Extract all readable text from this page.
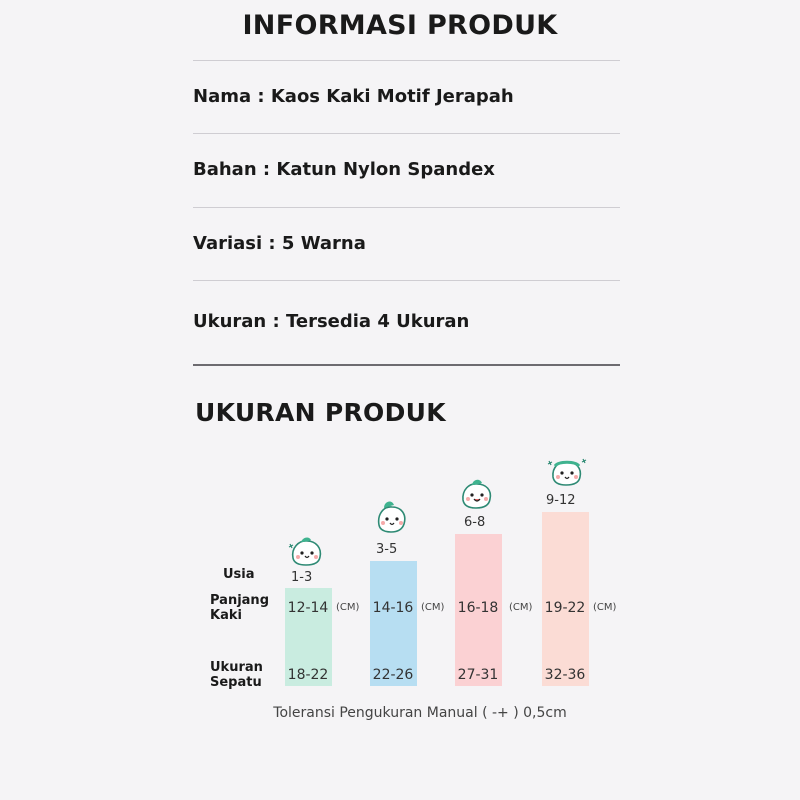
INFORMASI PRODUK
Nama : Kaos Kaki Motif Jerapah
Bahan : Katun Nylon Spandex
Variasi : 5 Warna
Ukuran : Tersedia 4 Ukuran
UKURAN PRODUK
Usia
Panjang
Kaki
Ukuran
Sepatu
1-3
12-14 (CM)
18-22
3-5
14-16 (CM)
22-26
6-8
16-18	(CM)
27-31
9-12
19-22 (CM)
32-36
Toleransi Pengukuran Manual ( -+ ) 0,5cm
